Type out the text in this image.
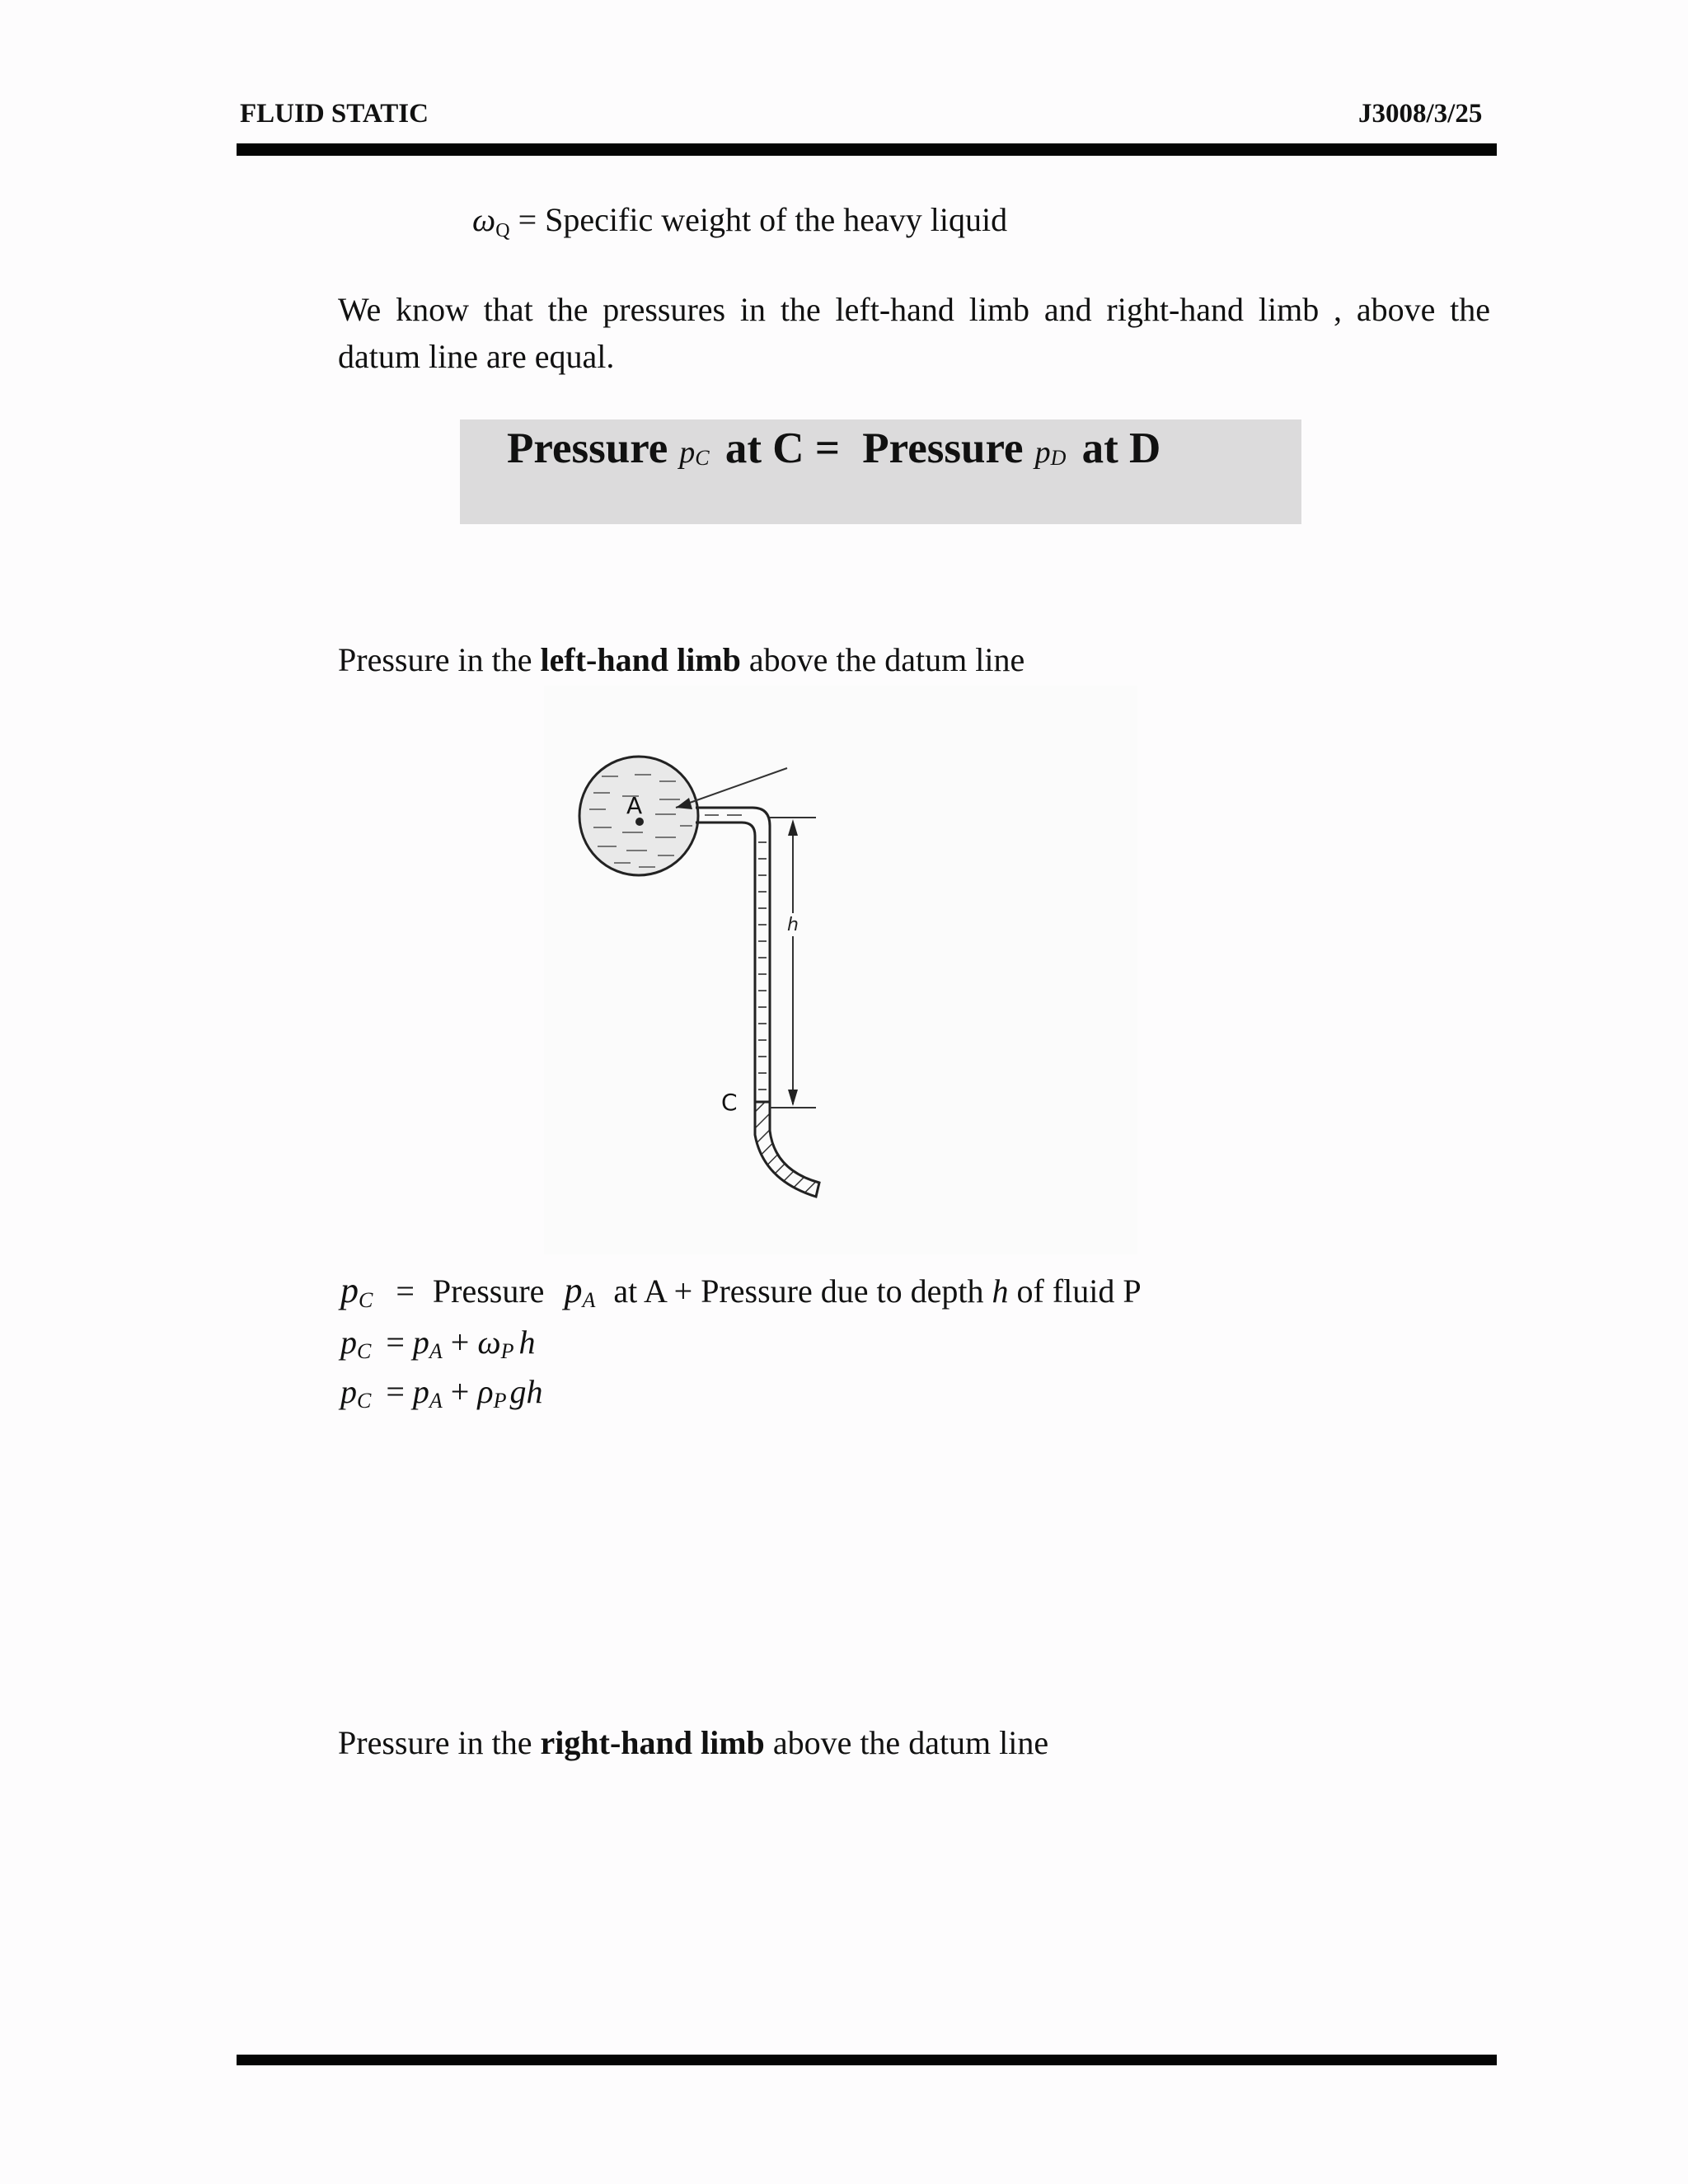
FLUID STATIC	J3008/3/25
ωQ = Specific weight of the heavy liquid
We know that the pressures in the left-hand limb and right-hand limb , above the datum line are equal.
Pressure pC at C = Pressure pD at D
Pressure in the left-hand limb above the datum line
A
h
C
$p_C$ = Pressure $p_A$ at A + Pressure due to depth h of fluid P
$p_C = p_A + \omega_P$ h
$p_C = p_A + \rho_P$ gh
Pressure in the right-hand limb above the datum line
